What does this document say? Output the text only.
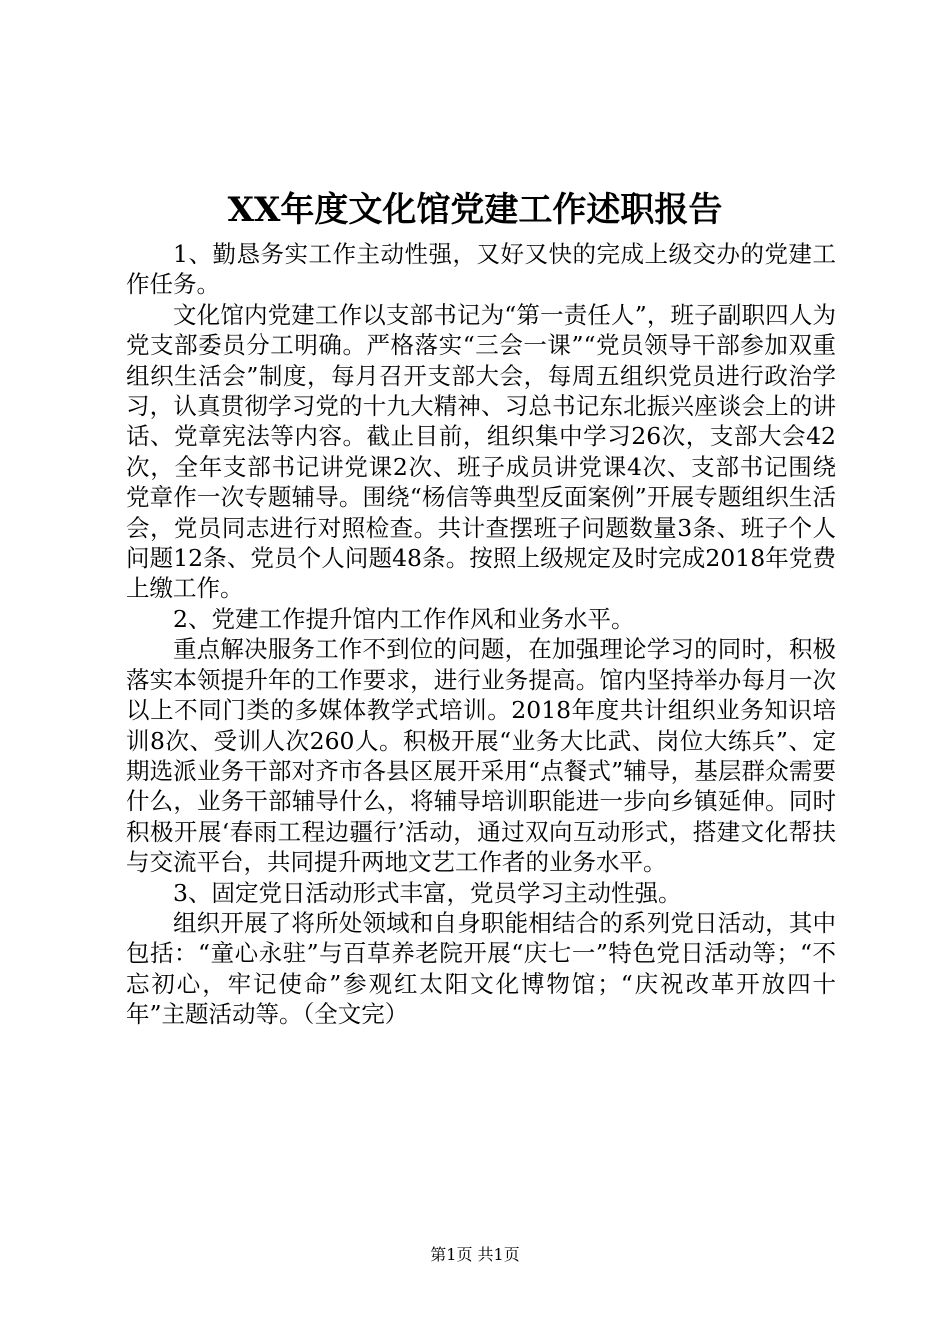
XX年度文化馆党建工作述职报告

1、勤恳务实工作主动性强，又好又快的完成上级交办的党建工作任务。

文化馆内党建工作以支部书记为“第一责任人”，班子副职四人为党支部委员分工明确。严格落实“三会一课”“党员领导干部参加双重组织生活会”制度，每月召开支部大会，每周五组织党员进行政治学习，认真贯彻学习党的十九大精神、习总书记东北振兴座谈会上的讲话、党章宪法等内容。截止目前，组织集中学习26次，支部大会42次，全年支部书记讲党课2次、班子成员讲党课4次、支部书记围绕党章作一次专题辅导。围绕“杨信等典型反面案例”开展专题组织生活会，党员同志进行对照检查。共计查摆班子问题数量3条、班子个人问题12条、党员个人问题48条。按照上级规定及时完成2018年党费上缴工作。

2、党建工作提升馆内工作作风和业务水平。

重点解决服务工作不到位的问题，在加强理论学习的同时，积极落实本领提升年的工作要求，进行业务提高。馆内坚持举办每月一次以上不同门类的多媒体教学式培训。2018年度共计组织业务知识培训8次、受训人次260人。积极开展“业务大比武、岗位大练兵”、定期选派业务干部对齐市各县区展开采用“点餐式”辅导，基层群众需要什么，业务干部辅导什么，将辅导培训职能进一步向乡镇延伸。同时积极开展‘春雨工程边疆行’活动，通过双向互动形式，搭建文化帮扶与交流平台，共同提升两地文艺工作者的业务水平。

3、固定党日活动形式丰富，党员学习主动性强。

组织开展了将所处领域和自身职能相结合的系列党日活动，其中包括：“童心永驻”与百草养老院开展“庆七一”特色党日活动等；“不忘初心，牢记使命”参观红太阳文化博物馆；“庆祝改革开放四十年”主题活动等。（全文完）

第1页 共1页
